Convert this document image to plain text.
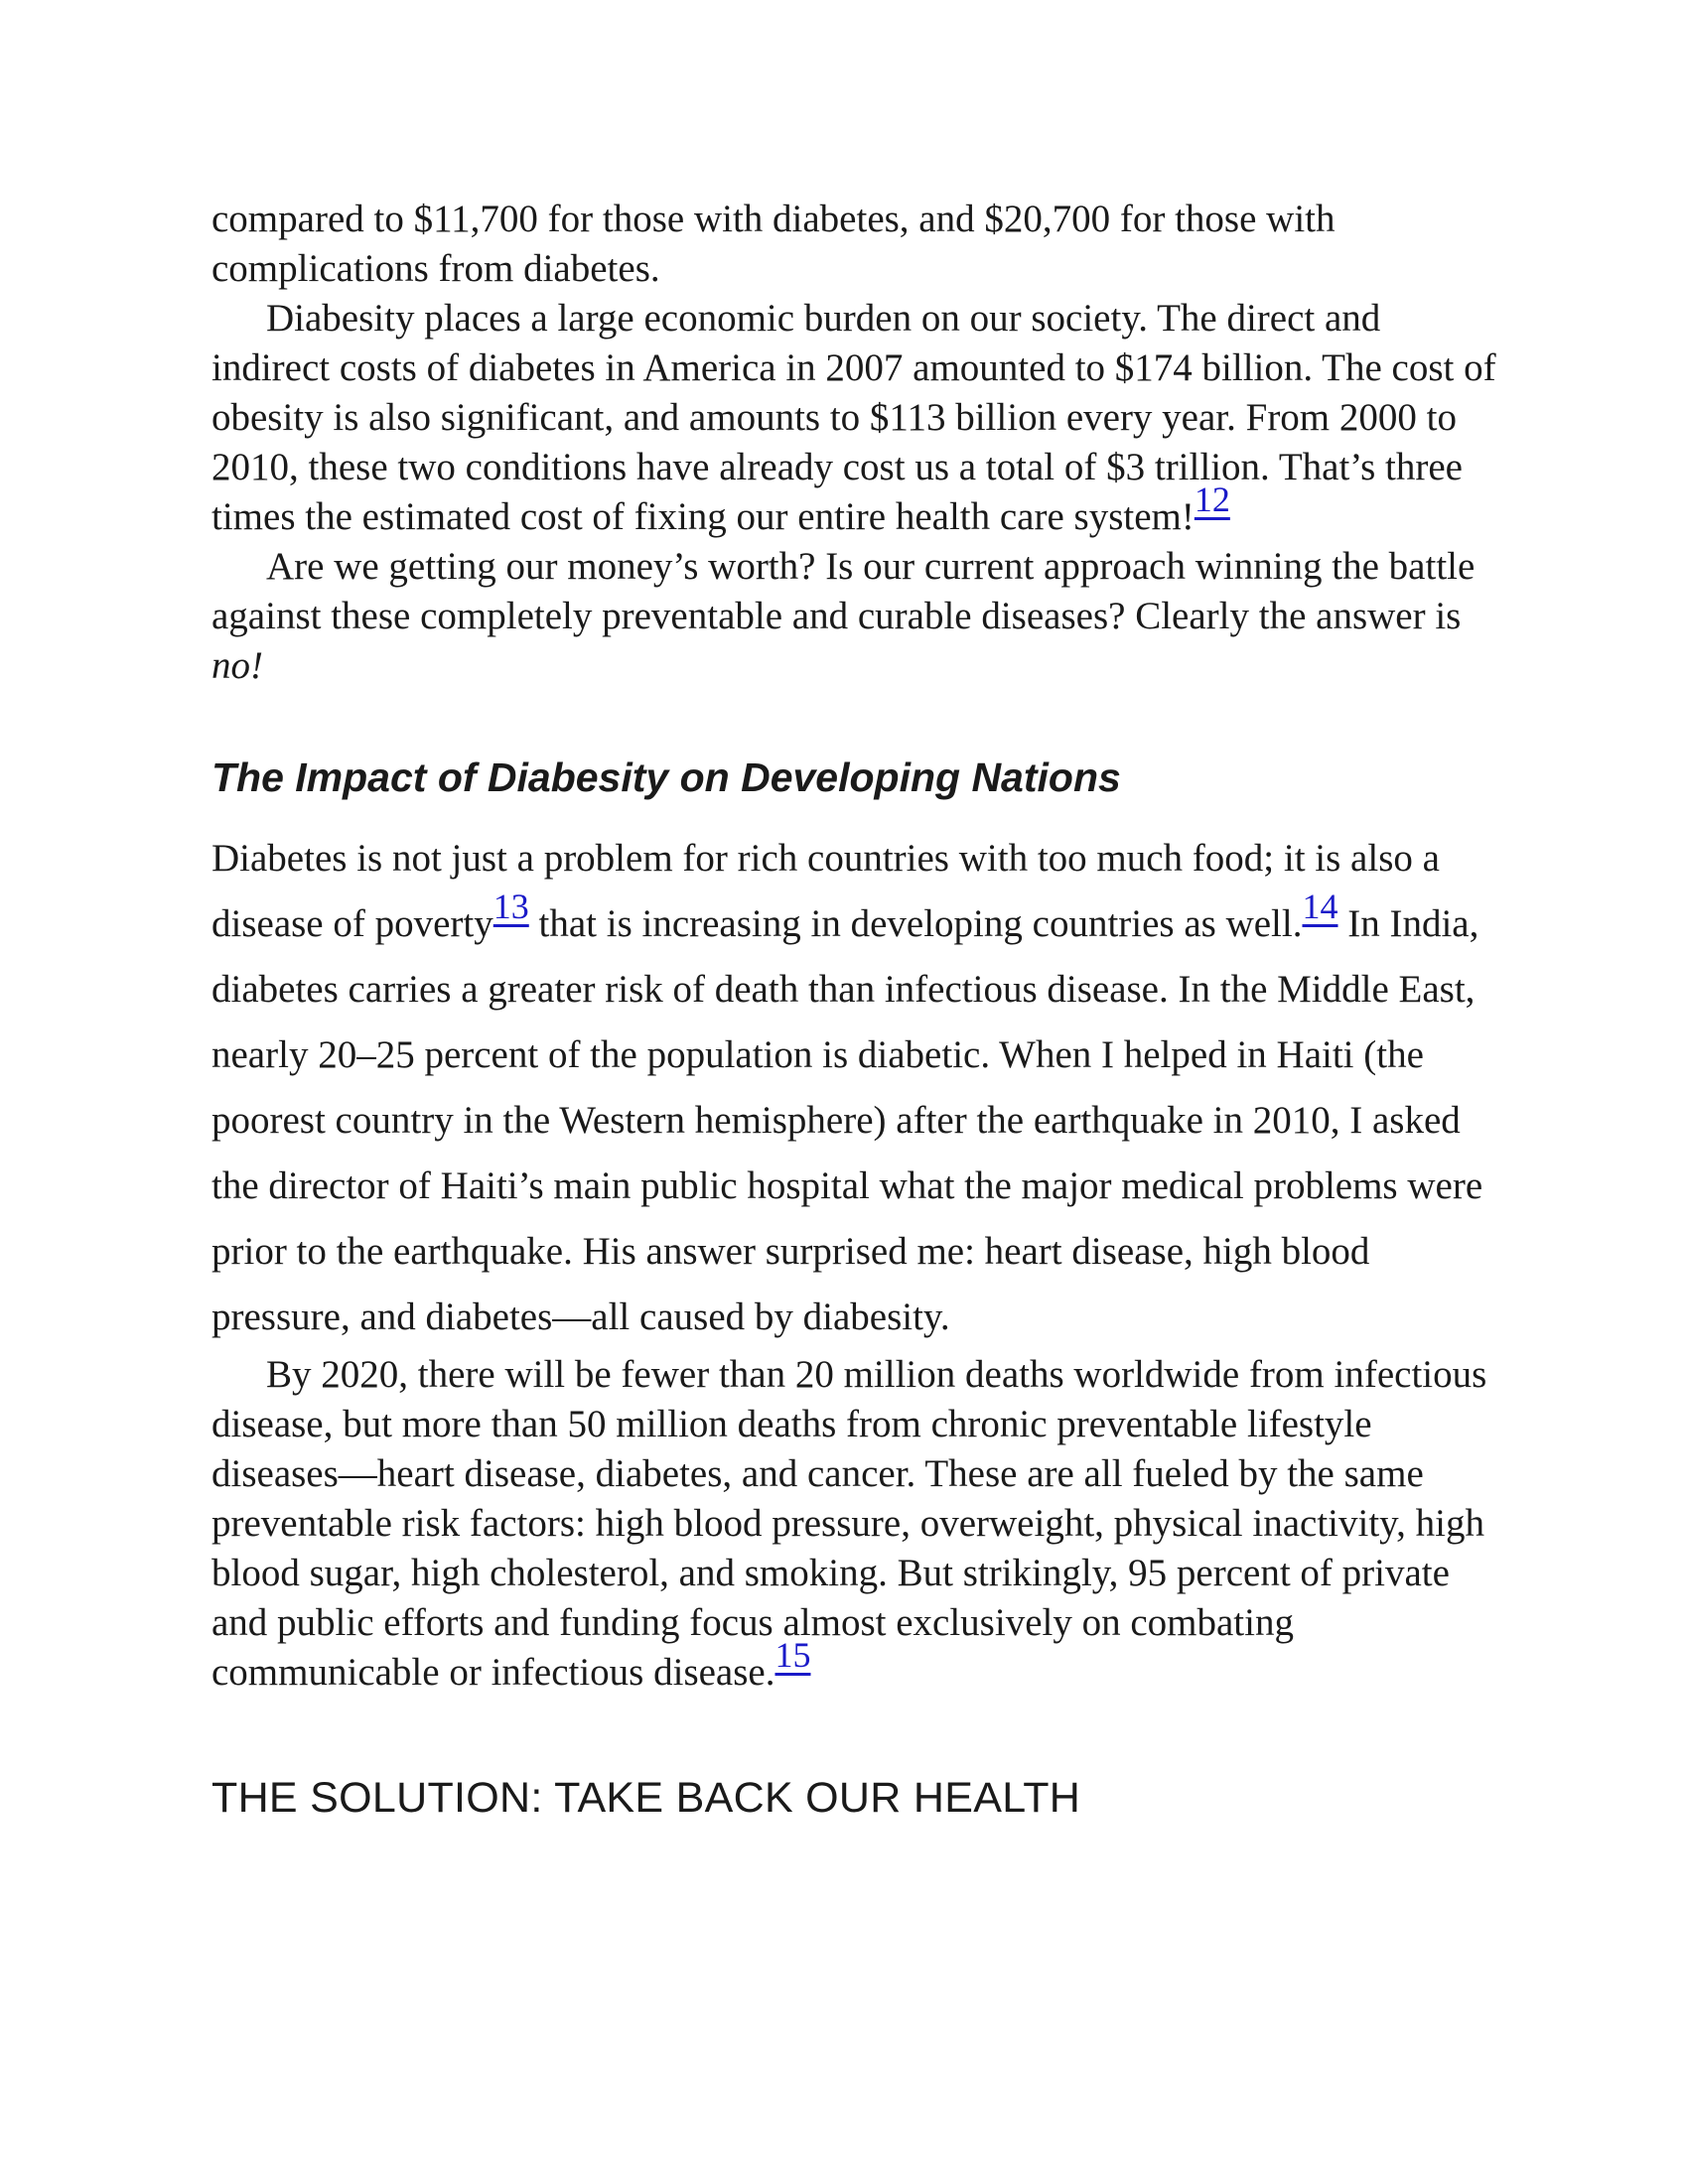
compared to $11,700 for those with diabetes, and $20,700 for those with complications from diabetes.

Diabesity places a large economic burden on our society. The direct and indirect costs of diabetes in America in 2007 amounted to $174 billion. The cost of obesity is also significant, and amounts to $113 billion every year. From 2000 to 2010, these two conditions have already cost us a total of $3 trillion. That’s three times the estimated cost of fixing our entire health care system!12

Are we getting our money’s worth? Is our current approach winning the battle against these completely preventable and curable diseases? Clearly the answer is no!

The Impact of Diabesity on Developing Nations

Diabetes is not just a problem for rich countries with too much food; it is also a disease of poverty13 that is increasing in developing countries as well.14 In India, diabetes carries a greater risk of death than infectious disease. In the Middle East, nearly 20–25 percent of the population is diabetic. When I helped in Haiti (the poorest country in the Western hemisphere) after the earthquake in 2010, I asked the director of Haiti’s main public hospital what the major medical problems were prior to the earthquake. His answer surprised me: heart disease, high blood pressure, and diabetes—all caused by diabesity.

By 2020, there will be fewer than 20 million deaths worldwide from infectious disease, but more than 50 million deaths from chronic preventable lifestyle diseases—heart disease, diabetes, and cancer. These are all fueled by the same preventable risk factors: high blood pressure, overweight, physical inactivity, high blood sugar, high cholesterol, and smoking. But strikingly, 95 percent of private and public efforts and funding focus almost exclusively on combating communicable or infectious disease.15

THE SOLUTION: TAKE BACK OUR HEALTH
